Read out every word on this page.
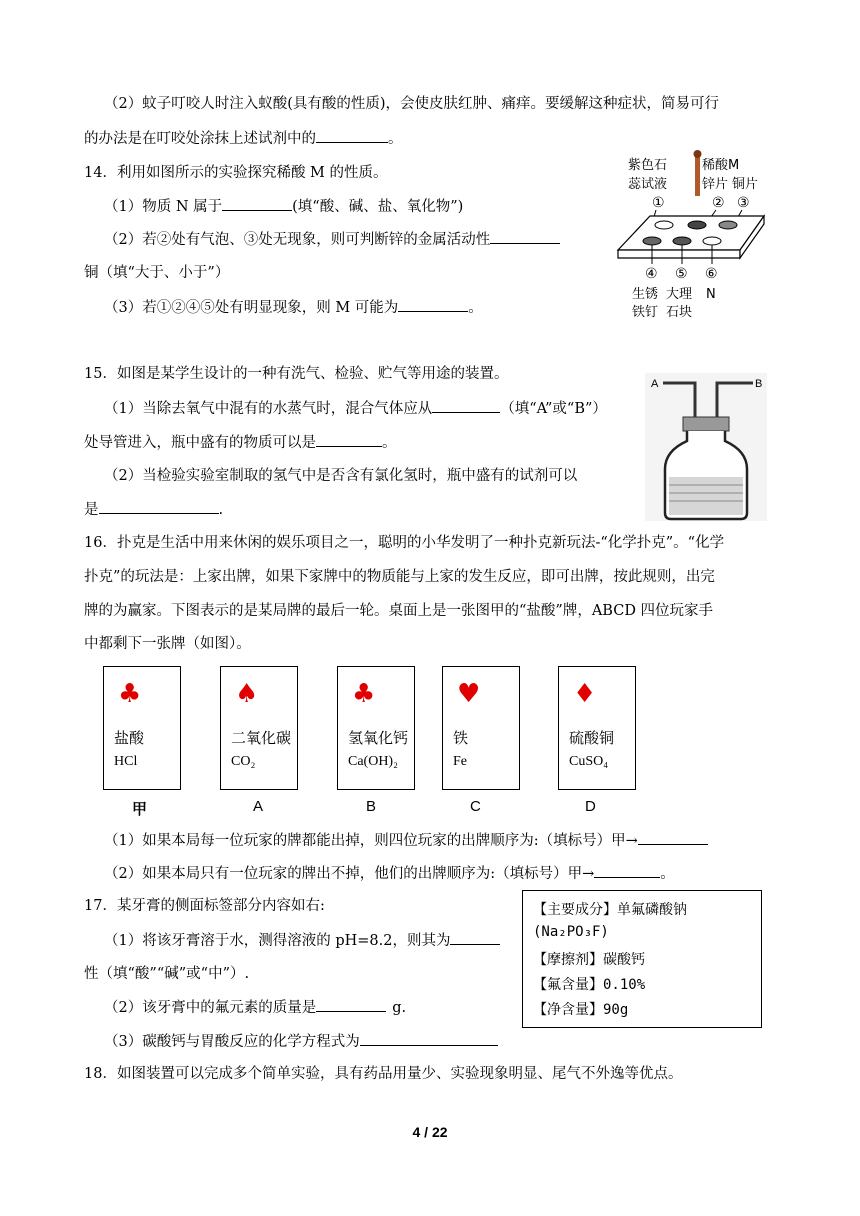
（2）蚊子叮咬人时注入蚁酸(具有酸的性质)，会使皮肤红肿、痛痒。要缓解这种症状，简易可行
的办法是在叮咬处涂抹上述试剂中的	。
14．利用如图所示的实验探究稀酸 M 的性质。
（1）物质 N 属于	(填“酸、碱、盐、氧化物”)
（2）若②处有气泡、③处无现象，则可判断锌的金属活动性
铜（填“大于、小于”）
（3）若①②④⑤处有明显现象，则 M 可能为	。
紫色石
蕊试液
稀酸M
锌片 铜片
①	② ③
④ ⑤ ⑥
生锈
铁钉
大理
石块
N
15．如图是某学生设计的一种有洗气、检验、贮气等用途的装置。
（1）当除去氧气中混有的水蒸气时，混合气体应从	（填“A”或“B”）
处导管进入，瓶中盛有的物质可以是	。
（2）当检验实验室制取的氢气中是否含有氯化氢时，瓶中盛有的试剂可以
是	.
A	B
16．扑克是生活中用来休闲的娱乐项目之一，聪明的小华发明了一种扑克新玩法-“化学扑克”。“化学
扑克”的玩法是：上家出牌，如果下家牌中的物质能与上家的发生反应，即可出牌，按此规则，出完
牌的为赢家。下图表示的是某局牌的最后一轮。桌面上是一张图甲的“盐酸”牌，ABCD 四位玩家手
中都剩下一张牌（如图）。
♣
盐酸
HCl
♠
二氧化碳
CO₂
♣
氢氧化钙
Ca(OH)₂
♥
铁
Fe
♦
硫酸铜
CuSO₄
甲	A	B	C	D
（1）如果本局每一位玩家的牌都能出掉，则四位玩家的出牌顺序为:（填标号）甲→
（2）如果本局只有一位玩家的牌出不掉，他们的出牌顺序为:（填标号）甲→	。
17．某牙膏的侧面标签部分内容如右:
（1）将该牙膏溶于水，测得溶液的 pH=8.2，则其为
性（填“酸”“碱”或“中”）.
（2）该牙膏中的氟元素的质量是	g.
（3）碳酸钙与胃酸反应的化学方程式为
【主要成分】单氟磷酸钠
(Na₂PO₃F)
【摩擦剂】碳酸钙
【氟含量】0.10%
【净含量】90g
18．如图装置可以完成多个简单实验，具有药品用量少、实验现象明显、尾气不外逸等优点。
4 / 22
